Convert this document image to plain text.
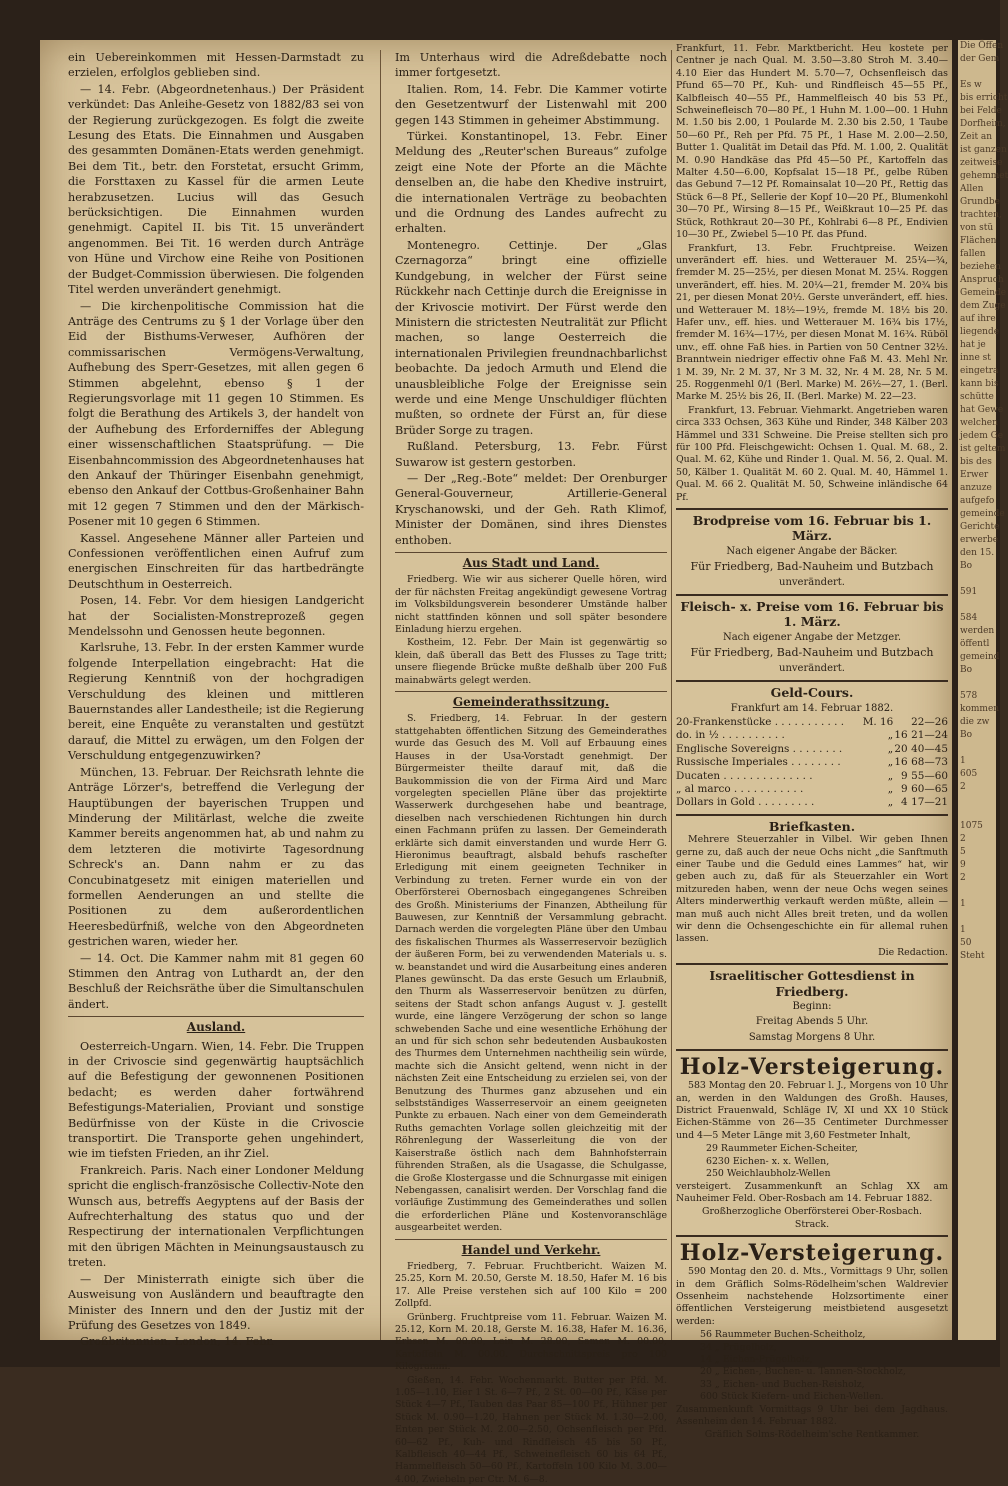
ein Uebereinkommen mit Hessen-Darmstadt zu erzielen, erfolglos geblieben sind.

— 14. Febr. (Abgeordnetenhaus.) Der Präsident verkündet: Das Anleihe-Gesetz von 1882/83 sei von der Regierung zurückgezogen. Es folgt die zweite Lesung des Etats. Die Einnahmen und Ausgaben des gesammten Domänen-Etats werden genehmigt. Bei dem Tit., betr. den Forstetat, ersucht Grimm, die Forsttaxen zu Kassel für die armen Leute herabzusetzen. Lucius will das Gesuch berücksichtigen. Die Einnahmen wurden genehmigt. Capitel II. bis Tit. 15 unverändert angenommen. Bei Tit. 16 werden durch Anträge von Hüne und Virchow eine Reihe von Positionen der Budget-Commission überwiesen. Die folgenden Titel werden unverändert genehmigt.

— Die kirchenpolitische Commission hat die Anträge des Centrums zu § 1 der Vorlage über den Eid der Bisthums-Verweser, Aufhören der commissarischen Vermögens-Verwaltung, Aufhebung des Sperr-Gesetzes, mit allen gegen 6 Stimmen abgelehnt, ebenso § 1 der Regierungsvorlage mit 11 gegen 10 Stimmen. Es folgt die Berathung des Artikels 3, der handelt von der Aufhebung des Erforderniffes der Ablegung einer wissenschaftlichen Staatsprüfung. — Die Eisenbahncommission des Abgeordnetenhauses hat den Ankauf der Thüringer Eisenbahn genehmigt, ebenso den Ankauf der Cottbus-Großenhainer Bahn mit 12 gegen 7 Stimmen und den der Märkisch-Posener mit 10 gegen 6 Stimmen.

Kassel. Angesehene Männer aller Parteien und Confessionen veröffentlichen einen Aufruf zum energischen Einschreiten für das hartbedrängte Deutschthum in Oesterreich.

Posen, 14. Febr. Vor dem hiesigen Landgericht hat der Socialisten-Monstreprozeß gegen Mendelssohn und Genossen heute begonnen.

Karlsruhe, 13. Febr. In der ersten Kammer wurde folgende Interpellation eingebracht: Hat die Regierung Kenntniß von der hochgradigen Verschuldung des kleinen und mittleren Bauernstandes aller Landestheile; ist die Regierung bereit, eine Enquête zu veranstalten und gestützt darauf, die Mittel zu erwägen, um den Folgen der Verschuldung entgegenzuwirken?

München, 13. Februar. Der Reichsrath lehnte die Anträge Lörzer's, betreffend die Verlegung der Hauptübungen der bayerischen Truppen und Minderung der Militärlast, welche die zweite Kammer bereits angenommen hat, ab und nahm zu dem letzteren die motivirte Tagesordnung Schreck's an. Dann nahm er zu das Concubinatgesetz mit einigen materiellen und formellen Aenderungen an und stellte die Positionen zu dem außerordentlichen Heeresbedürfniß, welche von den Abgeordneten gestrichen waren, wieder her.

— 14. Oct. Die Kammer nahm mit 81 gegen 60 Stimmen den Antrag von Luthardt an, der den Beschluß der Reichsräthe über die Simultanschulen ändert.

Ausland.

Oesterreich-Ungarn. Wien, 14. Febr. Die Truppen in der Crivoscie sind gegenwärtig hauptsächlich auf die Befestigung der gewonnenen Positionen bedacht; es werden daher fortwährend Befestigungs-Materialien, Proviant und sonstige Bedürfnisse von der Küste in die Crivoscie transportirt. Die Transporte gehen ungehindert, wie im tiefsten Frieden, an ihr Ziel.

Frankreich. Paris. Nach einer Londoner Meldung spricht die englisch-französische Collectiv-Note den Wunsch aus, betreffs Aegyptens auf der Basis der Aufrechterhaltung des status quo und der Respectirung der internationalen Verpflichtungen mit den übrigen Mächten in Meinungsaustausch zu treten.

— Der Ministerrath einigte sich über die Ausweisung von Ausländern und beauftragte den Minister des Innern und den der Justiz mit der Prüfung des Gesetzes von 1849.

Großbritannien. London, 14. Febr.

Im Unterhaus wird die Adreßdebatte noch immer fortgesetzt.

Italien. Rom, 14. Febr. Die Kammer votirte den Gesetzentwurf der Listenwahl mit 200 gegen 143 Stimmen in geheimer Abstimmung.

Türkei. Konstantinopel, 13. Febr. Einer Meldung des „Reuter'schen Bureaus“ zufolge zeigt eine Note der Pforte an die Mächte denselben an, die habe den Khedive instruirt, die internationalen Verträge zu beobachten und die Ordnung des Landes aufrecht zu erhalten.

Montenegro. Cettinje. Der „Glas Czernagorza“ bringt eine offizielle Kundgebung, in welcher der Fürst seine Rückkehr nach Cettinje durch die Ereignisse in der Krivoscie motivirt. Der Fürst werde den Ministern die strictesten Neutralität zur Pflicht machen, so lange Oesterreich die internationalen Privilegien freundnachbarlichst beobachte. Da jedoch Armuth und Elend die unausbleibliche Folge der Ereignisse sein werde und eine Menge Unschuldiger flüchten mußten, so ordnete der Fürst an, für diese Brüder Sorge zu tragen.

Rußland. Petersburg, 13. Febr. Fürst Suwarow ist gestern gestorben.

— Der „Reg.-Bote“ meldet: Der Orenburger General-Gouverneur, Artillerie-General Kryschanowski, und der Geh. Rath Klimof, Minister der Domänen, sind ihres Dienstes enthoben.

Aus Stadt und Land.

Friedberg. Wie wir aus sicherer Quelle hören, wird der für nächsten Freitag angekündigt gewesene Vortrag im Volksbildungsverein besonderer Umstände halber nicht stattfinden können und soll später besondere Einladung hierzu ergehen.

Kostheim, 12. Febr. Der Main ist gegenwärtig so klein, daß überall das Bett des Flusses zu Tage tritt; unsere fliegende Brücke mußte deßhalb über 200 Fuß mainabwärts gelegt werden.

Gemeinderathssitzung.

S. Friedberg, 14. Februar. In der gestern stattgehabten öffentlichen Sitzung des Gemeinderathes wurde das Gesuch des M. Voll auf Erbauung eines Hauses in der Usa-Vorstadt genehmigt. Der Bürgermeister theilte darauf mit, daß die Baukommission die von der Firma Aird und Marc vorgelegten speciellen Pläne über das projektirte Wasserwerk durchgesehen habe und beantrage, dieselben nach verschiedenen Richtungen hin durch einen Fachmann prüfen zu lassen. Der Gemeinderath erklärte sich damit einverstanden und wurde Herr G. Hieronimus beauftragt, alsbald behufs rascheſter Erledigung mit einem geeigneten Techniker in Verbindung zu treten. Ferner wurde ein von der Oberförsterei Obernosbach eingegangenes Schreiben des Großh. Ministeriums der Finanzen, Abtheilung für Bauwesen, zur Kenntniß der Versammlung gebracht. Darnach werden die vorgelegten Pläne über den Umbau des fiskalischen Thurmes als Wasserreservoir bezüglich der äußeren Form, bei zu verwendenden Materials u. s. w. beanstandet und wird die Ausarbeitung eines anderen Planes gewünscht. Da das erste Gesuch um Erlaubniß, den Thurm als Wasserreservoir benützen zu dürfen, seitens der Stadt schon anfangs August v. J. gestellt wurde, eine längere Verzögerung der schon so lange schwebenden Sache und eine wesentliche Erhöhung der an und für sich schon sehr bedeutenden Ausbaukosten des Thurmes dem Unternehmen nachtheilig sein würde, machte sich die Ansicht geltend, wenn nicht in der nächsten Zeit eine Entscheidung zu erzielen sei, von der Benutzung des Thurmes ganz abzusehen und ein selbstständiges Wasserreservoir an einem geeigneten Punkte zu erbauen. Nach einer von dem Gemeinderath Ruths gemachten Vorlage sollen gleichzeitig mit der Röhrenlegung der Wasserleitung die von der Kaiserstraße östlich nach dem Bahnhofsterrain führenden Straßen, als die Usagasse, die Schulgasse, die Große Klostergasse und die Schnurgasse mit einigen Nebengassen, canalisirt werden. Der Vorschlag fand die vorläufige Zustimmung des Gemeinderathes und sollen die erforderlichen Pläne und Kostenvoranschläge ausgearbeitet werden.

Handel und Verkehr.

Friedberg, 7. Februar. Fruchtbericht. Waizen M. 25.25, Korn M. 20.50, Gerste M. 18.50, Hafer M. 16 bis 17. Alle Preise verstehen sich auf 100 Kilo = 200 Zollpfd.

Grünberg. Fruchtpreise vom 11. Februar. Waizen M. 25.12, Korn M. 20.18, Gerste M. 16.38, Hafer M. 16.36, Erbsen M. 00.00, Lein M. 28.00, Samen M. 00.00, Kartoffeln M. 00.00. Durchschnittspreis pro 100 Kilogramm.

Gießen, 14. Febr. Wochenmarkt. Butter per Pfd. M. 1.05—1.10, Eier 1 St. 6—7 Pf., 2 St. 00—00 Pf., Käse per Stück 4—7 Pf., Tauben das Paar 85—100 Pf., Hühner per Stück M. 0.90—1.20, Hahnen per Stück M. 1.30—2.00, Enten per Stück M. 2.00—2.50, Ochsenfleisch per Pfd. 60—62 Pf., Kuh- und Rindfleisch 45 bis 50 Pf., Kalbfleisch 40—44 Pf., Schweinefleisch 60 bis 64 Pf., Hammelfleisch 50—60 Pf., Kartoffeln 100 Kilo M. 3.00—4.00, Zwiebeln per Ctr. M. 6—8.

Frankfurt, 11. Febr. Marktbericht. Heu kostete per Centner je nach Qual. M. 3.50—3.80 Stroh M. 3.40—4.10 Eier das Hundert M. 5.70—7, Ochsenfleisch das Pfund 65—70 Pf., Kuh- und Rindfleisch 45—55 Pf., Kalbfleisch 40—55 Pf., Hammelfleisch 40 bis 53 Pf., Schweinefleisch 70—80 Pf., 1 Huhn M. 1.00—00. 1 Huhn M. 1.50 bis 2.00, 1 Poularde M. 2.30 bis 2.50, 1 Taube 50—60 Pf., Reh per Pfd. 75 Pf., 1 Hase M. 2.00—2.50, Butter 1. Qualität im Detail das Pfd. M. 1.00, 2. Qualität M. 0.90 Handkäse das Pfd 45—50 Pf., Kartoffeln das Malter 4.50—6.00, Kopfsalat 15—18 Pf., gelbe Rüben das Gebund 7—12 Pf. Romainsalat 10—20 Pf., Rettig das Stück 6—8 Pf., Sellerie der Kopf 10—20 Pf., Blumenkohl 30—70 Pf., Wirsing 8—15 Pf., Weißkraut 10—25 Pf. das Stück, Rothkraut 20—30 Pf., Kohlrabi 6—8 Pf., Endivien 10—30 Pf., Zwiebel 5—10 Pf. das Pfund.

Frankfurt, 13. Febr. Fruchtpreise. Weizen unverändert eff. hies. und Wetterauer M. 25¼—¾, fremder M. 25—25½, per diesen Monat M. 25¼. Roggen unverändert, eff. hies. M. 20¼—21, fremder M. 20¾ bis 21, per diesen Monat 20½. Gerste unverändert, eff. hies. und Wetterauer M. 18½—19½, fremde M. 18½ bis 20. Hafer unv., eff. hies. und Wetterauer M. 16¾ bis 17½, fremder M. 16¾—17½, per diesen Monat M. 16¾. Rüböl unv., eff. ohne Faß hies. in Partien von 50 Centner 32½. Branntwein niedriger effectiv ohne Faß M. 43. Mehl Nr. 1 M. 39, Nr. 2 M. 37, Nr 3 M. 32, Nr. 4 M. 28, Nr. 5 M. 25. Roggenmehl 0/1 (Berl. Marke) M. 26½—27, 1. (Berl. Marke M. 25½ bis 26, II. (Berl. Marke) M. 22—23.

Frankfurt, 13. Februar. Viehmarkt. Angetrieben waren circa 333 Ochsen, 363 Kühe und Rinder, 348 Kälber 203 Hämmel und 331 Schweine. Die Preise stellten sich pro für 100 Pfd. Fleischgewicht: Ochsen 1. Qual. M. 68., 2. Qual. M. 62, Kühe und Rinder 1. Qual. M. 56, 2. Qual. M. 50, Kälber 1. Qualität M. 60 2. Qual. M. 40, Hämmel 1. Qual. M. 66 2. Qualität M. 50, Schweine inländische 64 Pf.

Brodpreise vom 16. Februar bis 1. März.
Nach eigener Angabe der Bäcker.
Für Friedberg, Bad-Nauheim und Butzbach
unverändert.
Fleisch- x. Preise vom 16. Februar bis 1. März.
Nach eigener Angabe der Metzger.
Für Friedberg, Bad-Nauheim und Butzbach
unverändert.
Geld-Cours.
Frankfurt am 14. Februar 1882.
20-Frankenstücke . . . . . . . . . . .	M. 16		22—26
do. in ½ . . . . . . . . . .	„	16	21—24
Englische Sovereigns . . . . . . . .	„	20	40—45
Russische Imperiales . . . . . . . .	„	16	68—73
Ducaten . . . . . . . . . . . . . .	„	9	55—60
„ al marco . . . . . . . . . . .	„	9	60—65
Dollars in Gold . . . . . . . . .	„	4	17—21
Briefkasten.

Mehrere Steuerzahler in Vilbel. Wir geben Ihnen gerne zu, daß auch der neue Ochs nicht „die Sanftmuth einer Taube und die Geduld eines Lammes“ hat, wir geben auch zu, daß für als Steuerzahler ein Wort mitzureden haben, wenn der neue Ochs wegen seines Alters minderwerthig verkauft werden müßte, allein — man muß auch nicht Alles breit treten, und da wollen wir denn die Ochsengeschichte ein für allemal ruhen lassen.

Die Redaction.
Israelitischer Gottesdienst in Friedberg.
Beginn:
Freitag Abends 5 Uhr.
Samstag Morgens 8 Uhr.
Holz-Versteigerung.

583 Montag den 20. Februar l. J., Morgens von 10 Uhr an, werden in den Waldungen des Großh. Hauses, District Frauenwald, Schläge IV, XI und XX 10 Stück Eichen-Stämme von 26—35 Centimeter Durchmesser und 4—5 Meter Länge mit 3,60 Festmeter Inhalt,

29 Raummeter Eichen-Scheiter,
6230 Eichen- x. x. Wellen,
250 Weichlaubholz-Wellen

versteigert. Zusammenkunft an Schlag XX am Nauheimer Feld. Ober-Rosbach am 14. Februar 1882.

Großherzogliche Oberförsterei Ober-Rosbach.
Strack.
Holz-Versteigerung.

590 Montag den 20. d. Mts., Vormittags 9 Uhr, sollen in dem Gräflich Solms-Rödelheim'schen Waldrevier Ossenheim nachstehende Holzsortimente einer öffentlichen Versteigerung meistbietend ausgesetzt werden:

56 Raummeter Buchen-Scheitholz,
34 „ Prügelholz,
14 „ Eichen-Prügelholz,
20 „ Eichen-, Buchen- u. Tannen-Stockholz,
33 „ Eichen- und Buchen-Reisholz,
600 Stück Kiefern- und Eichen-Wellen.

Zusammenkunft Vormittags 9 Uhr bei dem Jagdhaus. Assenheim den 14. Februar 1882.

Gräflich Solms-Rödelheim'sche Rentkammer.
Die Öffen
der Gem

Es w
bis erricht
bei Felde
Dorfheim,
Zeit an
ist ganzen
zeitweise
gehemmet
Allen
Grundbe
trachten,
von stü
Flächen
fallen
beziehen
Anspruch
Gemeinde
dem Zuge
auf ihre
liegende
hat je
inne st
eingetra
kann bis
schütte
hat Gewe
welchen
jedem Ge
ist geltem
bis des
Erwer
anzuze
aufgefo
gemeinde
Gerichte
erwerbe
den 15.
Bo

591

584
werden
öffentl
gemeind
Bo

578
kommen
die zw
Bo

1
605
2

1075
2
5
9
2

1

1
50
Steht
